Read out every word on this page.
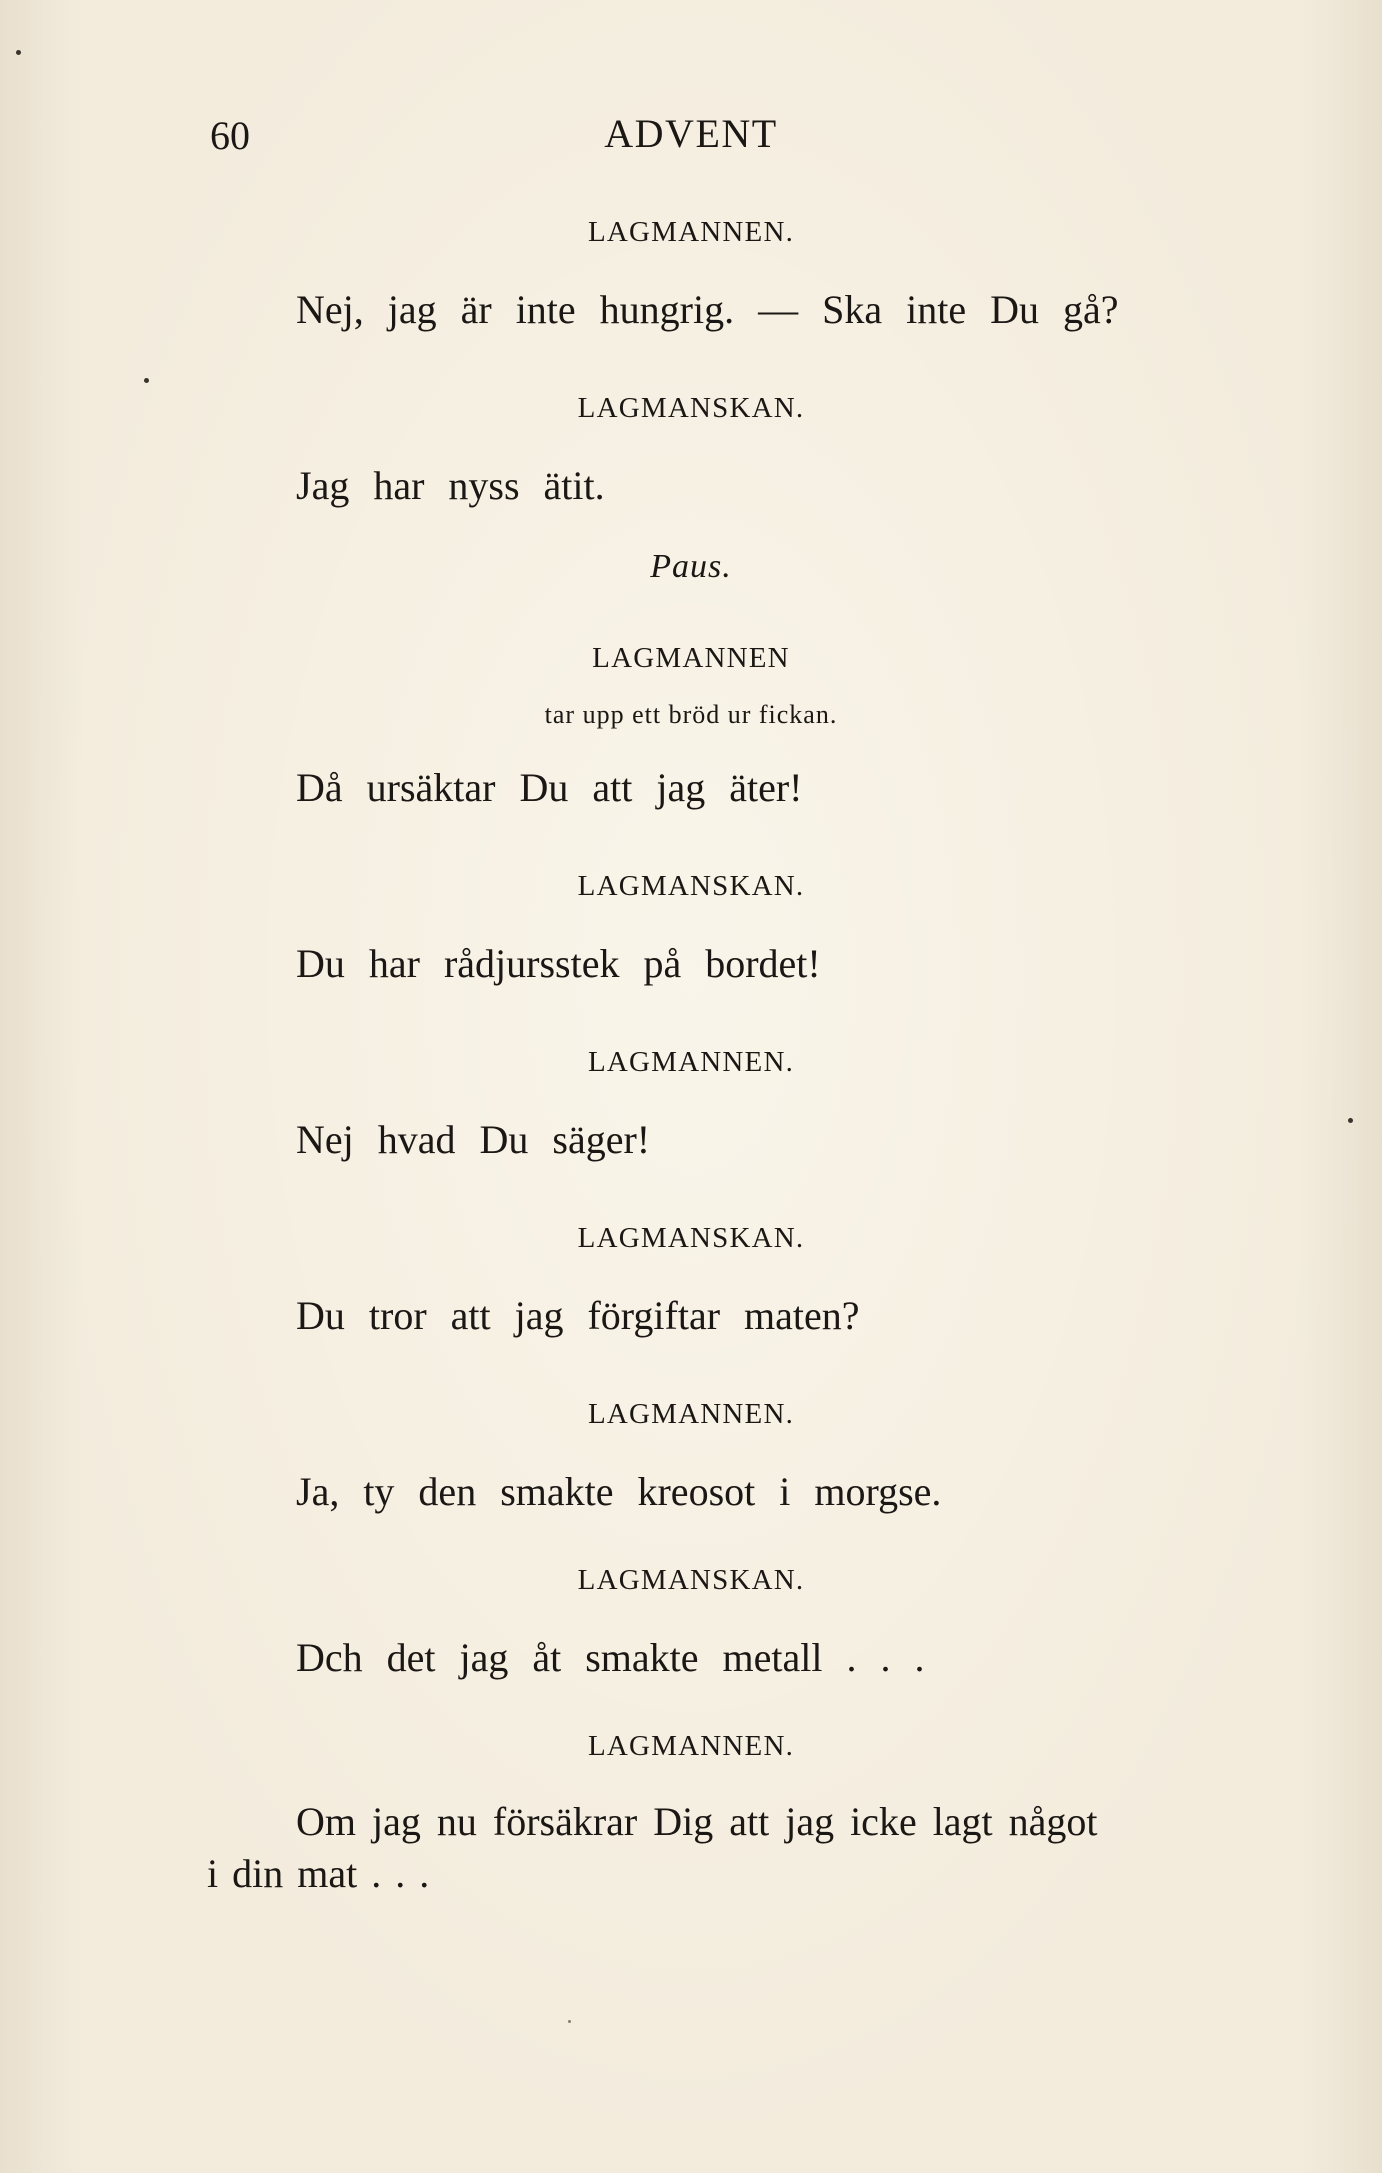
60	ADVENT
LAGMANNEN.
Nej, jag är inte hungrig. — Ska inte Du gå?
LAGMANSKAN.
Jag har nyss ätit.
Paus.
LAGMANNEN
tar upp ett bröd ur fickan.
Då ursäktar Du att jag äter!
LAGMANSKAN.
Du har rådjursstek på bordet!
LAGMANNEN.
Nej hvad Du säger!
LAGMANSKAN.
Du tror att jag förgiftar maten?
LAGMANNEN.
Ja, ty den smakte kreosot i morgse.
LAGMANSKAN.
Dch det jag åt smakte metall . . .
LAGMANNEN.
Om jag nu försäkrar Dig att jag icke lagt något
i din mat . . .
